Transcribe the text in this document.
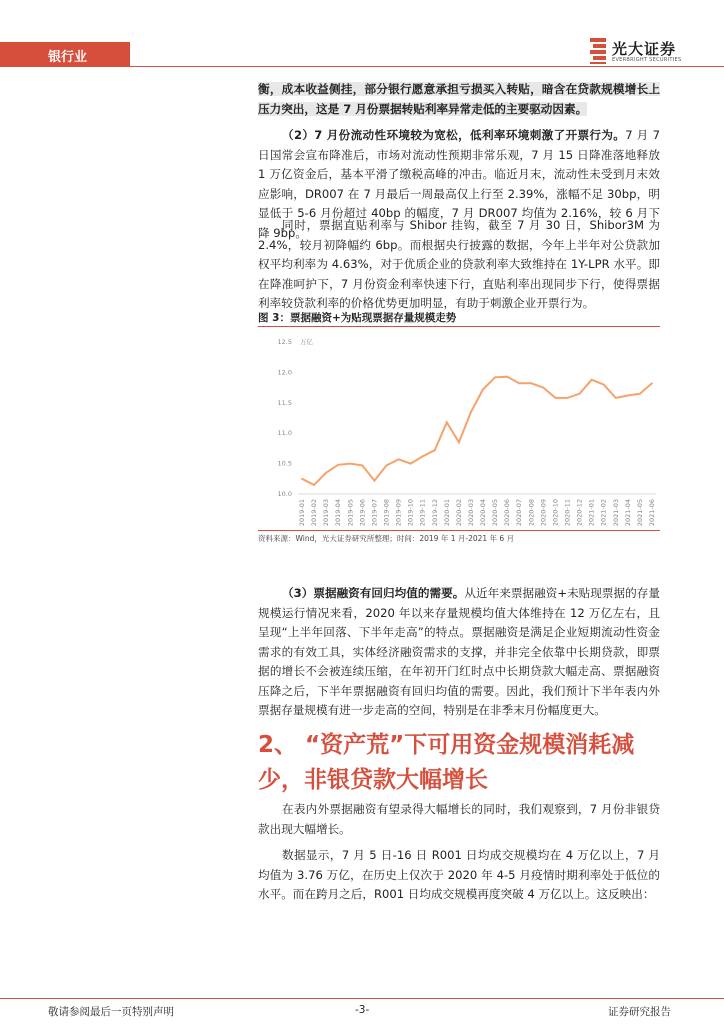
银行业	光大证券
EVERBRIGHT SECURITIES

衡，成本收益侧挂，部分银行愿意承担亏损买入转贴，暗含在贷款规模增长上压力突出，这是 7 月份票据转贴利率异常走低的主要驱动因素。

（2）7 月份流动性环境较为宽松，低利率环境刺激了开票行为。7 月 7 日国常会宣布降准后，市场对流动性预期非常乐观，7 月 15 日降准落地释放 1 万亿资金后，基本平滑了缴税高峰的冲击。临近月末，流动性未受到月末效应影响，DR007 在 7 月最后一周最高仅上行至 2.39%，涨幅不足 30bp，明显低于 5-6 月份超过 40bp 的幅度，7 月 DR007 均值为 2.16%，较 6 月下降 9bp。

同时，票据直贴利率与 Shibor 挂钩，截至 7 月 30 日，Shibor3M 为 2.4%，较月初降幅约 6bp。而根据央行披露的数据，今年上半年对公贷款加权平均利率为 4.63%，对于优质企业的贷款利率大致维持在 1Y-LPR 水平。即在降准呵护下，7 月份资金利率快速下行，直贴利率出现同步下行，使得票据利率较贷款利率的价格优势更加明显，有助于刺激企业开票行为。

图 3：票据融资+为贴现票据存量规模走势
万亿
10.0
10.5
11.0
11.5
12.0
12.5
2019-01 2019-02 2019-03 2019-04 2019-05 2019-06 2019-07 2019-08 2019-09 2019-10 2019-11 2019-12 2020-01 2020-02 2020-03 2020-04 2020-05 2020-06 2020-07 2020-08 2020-09 2020-10 2020-11 2020-12 2021-01 2021-02 2021-03 2021-04 2021-05 2021-06
资料来源：Wind，光大证券研究所整理；时间：2019 年 1 月-2021 年 6 月

（3）票据融资有回归均值的需要。从近年来票据融资+未贴现票据的存量规模运行情况来看，2020 年以来存量规模均值大体维持在 12 万亿左右，且呈现“上半年回落、下半年走高”的特点。票据融资是满足企业短期流动性资金需求的有效工具，实体经济融资需求的支撑，并非完全依靠中长期贷款，即票据的增长不会被连续压缩，在年初开门红时点中长期贷款大幅走高、票据融资压降之后，下半年票据融资有回归均值的需要。因此，我们预计下半年表内外票据存量规模有进一步走高的空间，特别是在非季末月份幅度更大。

2、 “资产荒”下可用资金规模消耗减少，非银贷款大幅增长

在表内外票据融资有望录得大幅增长的同时，我们观察到，7 月份非银贷款出现大幅增长。

数据显示，7 月 5 日-16 日 R001 日均成交规模均在 4 万亿以上，7 月均值为 3.76 万亿，在历史上仅次于 2020 年 4-5 月疫情时期利率处于低位的水平。而在跨月之后，R001 日均成交规模再度突破 4 万亿以上。这反映出：

敬请参阅最后一页特别声明	-3-	证券研究报告
